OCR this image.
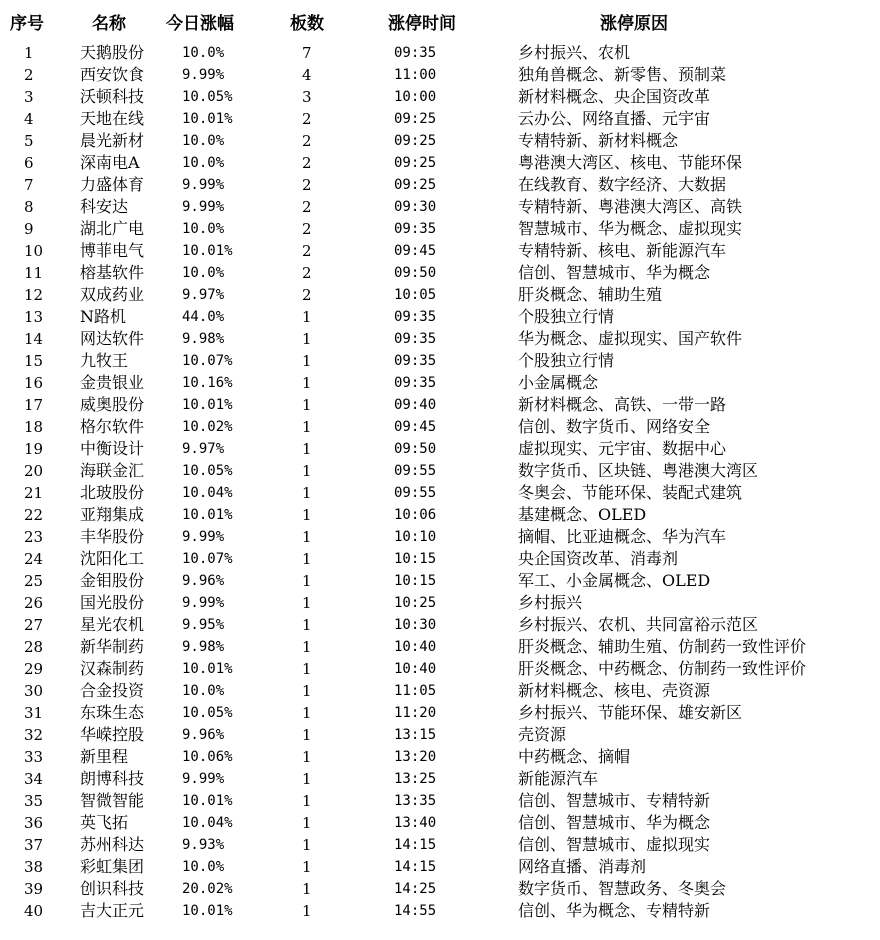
序号	名称	今日涨幅	板数	涨停时间	涨停原因
1	天鹅股份	10.0%	7	09:35	乡村振兴、农机
2	西安饮食	9.99%	4	11:00	独角兽概念、新零售、预制菜
3	沃顿科技	10.05%	3	10:00	新材料概念、央企国资改革
4	天地在线	10.01%	2	09:25	云办公、网络直播、元宇宙
5	晨光新材	10.0%	2	09:25	专精特新、新材料概念
6	深南电A	10.0%	2	09:25	粤港澳大湾区、核电、节能环保
7	力盛体育	9.99%	2	09:25	在线教育、数字经济、大数据
8	科安达	9.99%	2	09:30	专精特新、粤港澳大湾区、高铁
9	湖北广电	10.0%	2	09:35	智慧城市、华为概念、虚拟现实
10	博菲电气	10.01%	2	09:45	专精特新、核电、新能源汽车
11	榕基软件	10.0%	2	09:50	信创、智慧城市、华为概念
12	双成药业	9.97%	2	10:05	肝炎概念、辅助生殖
13	N路机	44.0%	1	09:35	个股独立行情
14	网达软件	9.98%	1	09:35	华为概念、虚拟现实、国产软件
15	九牧王	10.07%	1	09:35	个股独立行情
16	金贵银业	10.16%	1	09:35	小金属概念
17	威奥股份	10.01%	1	09:40	新材料概念、高铁、一带一路
18	格尔软件	10.02%	1	09:45	信创、数字货币、网络安全
19	中衡设计	9.97%	1	09:50	虚拟现实、元宇宙、数据中心
20	海联金汇	10.05%	1	09:55	数字货币、区块链、粤港澳大湾区
21	北玻股份	10.04%	1	09:55	冬奥会、节能环保、装配式建筑
22	亚翔集成	10.01%	1	10:06	基建概念、OLED
23	丰华股份	9.99%	1	10:10	摘帽、比亚迪概念、华为汽车
24	沈阳化工	10.07%	1	10:15	央企国资改革、消毒剂
25	金钼股份	9.96%	1	10:15	军工、小金属概念、OLED
26	国光股份	9.99%	1	10:25	乡村振兴
27	星光农机	9.95%	1	10:30	乡村振兴、农机、共同富裕示范区
28	新华制药	9.98%	1	10:40	肝炎概念、辅助生殖、仿制药一致性评价
29	汉森制药	10.01%	1	10:40	肝炎概念、中药概念、仿制药一致性评价
30	合金投资	10.0%	1	11:05	新材料概念、核电、壳资源
31	东珠生态	10.05%	1	11:20	乡村振兴、节能环保、雄安新区
32	华嵘控股	9.96%	1	13:15	壳资源
33	新里程	10.06%	1	13:20	中药概念、摘帽
34	朗博科技	9.99%	1	13:25	新能源汽车
35	智微智能	10.01%	1	13:35	信创、智慧城市、专精特新
36	英飞拓	10.04%	1	13:40	信创、智慧城市、华为概念
37	苏州科达	9.93%	1	14:15	信创、智慧城市、虚拟现实
38	彩虹集团	10.0%	1	14:15	网络直播、消毒剂
39	创识科技	20.02%	1	14:25	数字货币、智慧政务、冬奥会
40	吉大正元	10.01%	1	14:55	信创、华为概念、专精特新
